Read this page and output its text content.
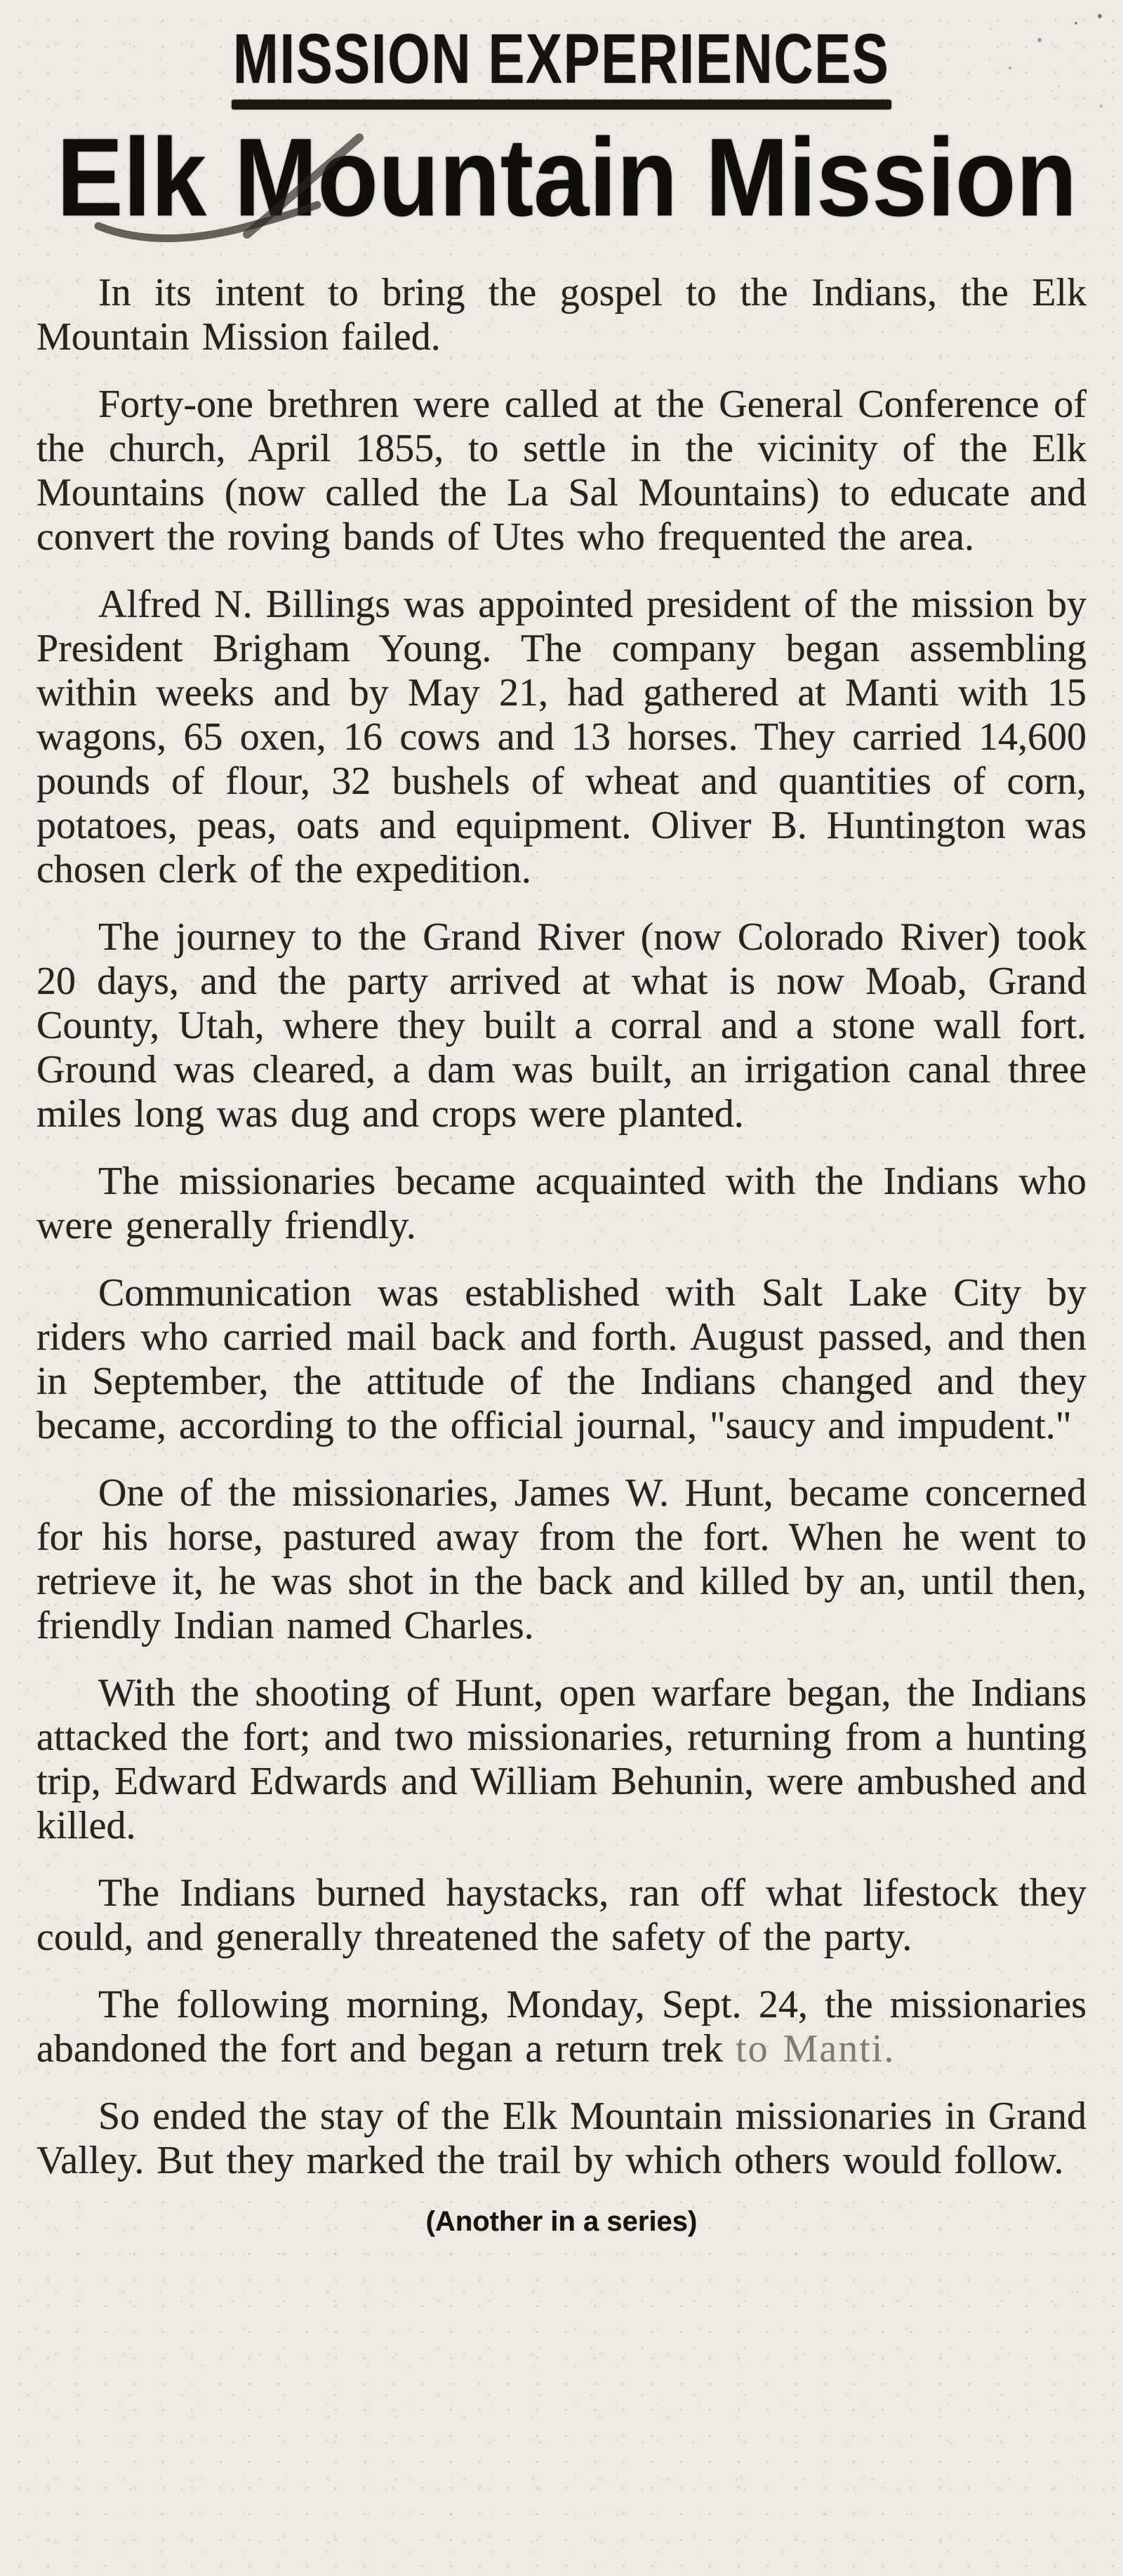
MISSION EXPERIENCES
Elk Mountain Mission

In its intent to bring the gospel to the Indians, the Elk Mountain Mission failed.

Forty-one brethren were called at the General Conference of the church, April 1855, to settle in the vicinity of the Elk Mountains (now called the La Sal Mountains) to educate and convert the roving bands of Utes who frequented the area.

Alfred N. Billings was appointed president of the mission by President Brigham Young. The company began assembling within weeks and by May 21, had gathered at Manti with 15 wagons, 65 oxen, 16 cows and 13 horses. They carried 14,600 pounds of flour, 32 bushels of wheat and quantities of corn, potatoes, peas, oats and equipment. Oliver B. Huntington was chosen clerk of the expedition.

The journey to the Grand River (now Colorado River) took 20 days, and the party arrived at what is now Moab, Grand County, Utah, where they built a corral and a stone wall fort. Ground was cleared, a dam was built, an irrigation canal three miles long was dug and crops were planted.

The missionaries became acquainted with the Indians who were generally friendly.

Communication was established with Salt Lake City by riders who carried mail back and forth. August passed, and then in September, the attitude of the Indians changed and they became, according to the official journal, "saucy and impudent."

One of the missionaries, James W. Hunt, became concerned for his horse, pastured away from the fort. When he went to retrieve it, he was shot in the back and killed by an, until then, friendly Indian named Charles.

With the shooting of Hunt, open warfare began, the Indians attacked the fort; and two missionaries, returning from a hunting trip, Edward Edwards and William Behunin, were ambushed and killed.

The Indians burned haystacks, ran off what lifestock they could, and generally threatened the safety of the party.

The following morning, Monday, Sept. 24, the missionaries abandoned the fort and began a return trek to Manti.

So ended the stay of the Elk Mountain missionaries in Grand Valley. But they marked the trail by which others would follow.

(Another in a series)
